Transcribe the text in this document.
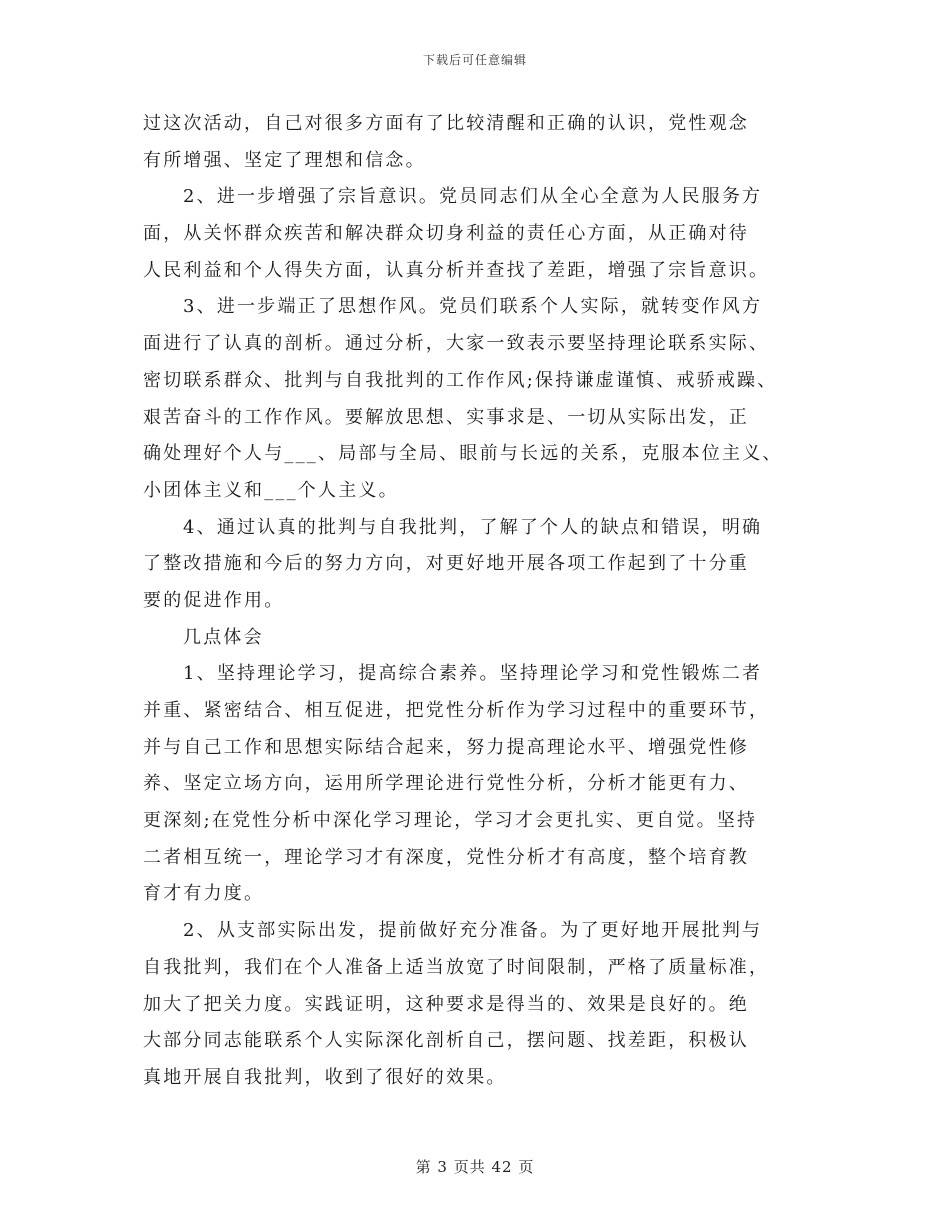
下载后可任意编辑
过这次活动，自己对很多方面有了比较清醒和正确的认识，党性观念
有所增强、坚定了理想和信念。
2、进一步增强了宗旨意识。党员同志们从全心全意为人民服务方
面，从关怀群众疾苦和解决群众切身利益的责任心方面，从正确对待
人民利益和个人得失方面，认真分析并查找了差距，增强了宗旨意识。
3、进一步端正了思想作风。党员们联系个人实际，就转变作风方
面进行了认真的剖析。通过分析，大家一致表示要坚持理论联系实际、
密切联系群众、批判与自我批判的工作作风;保持谦虚谨慎、戒骄戒躁、
艰苦奋斗的工作作风。要解放思想、实事求是、一切从实际出发，正
确处理好个人与___、局部与全局、眼前与长远的关系，克服本位主义、
小团体主义和___个人主义。
4、通过认真的批判与自我批判，了解了个人的缺点和错误，明确
了整改措施和今后的努力方向，对更好地开展各项工作起到了十分重
要的促进作用。
几点体会
1、坚持理论学习，提高综合素养。坚持理论学习和党性锻炼二者
并重、紧密结合、相互促进，把党性分析作为学习过程中的重要环节，
并与自己工作和思想实际结合起来，努力提高理论水平、增强党性修
养、坚定立场方向，运用所学理论进行党性分析，分析才能更有力、
更深刻;在党性分析中深化学习理论，学习才会更扎实、更自觉。坚持
二者相互统一，理论学习才有深度，党性分析才有高度，整个培育教
育才有力度。
2、从支部实际出发，提前做好充分准备。为了更好地开展批判与
自我批判，我们在个人准备上适当放宽了时间限制，严格了质量标准，
加大了把关力度。实践证明，这种要求是得当的、效果是良好的。绝
大部分同志能联系个人实际深化剖析自己，摆问题、找差距，积极认
真地开展自我批判，收到了很好的效果。
第 3 页共 42 页
